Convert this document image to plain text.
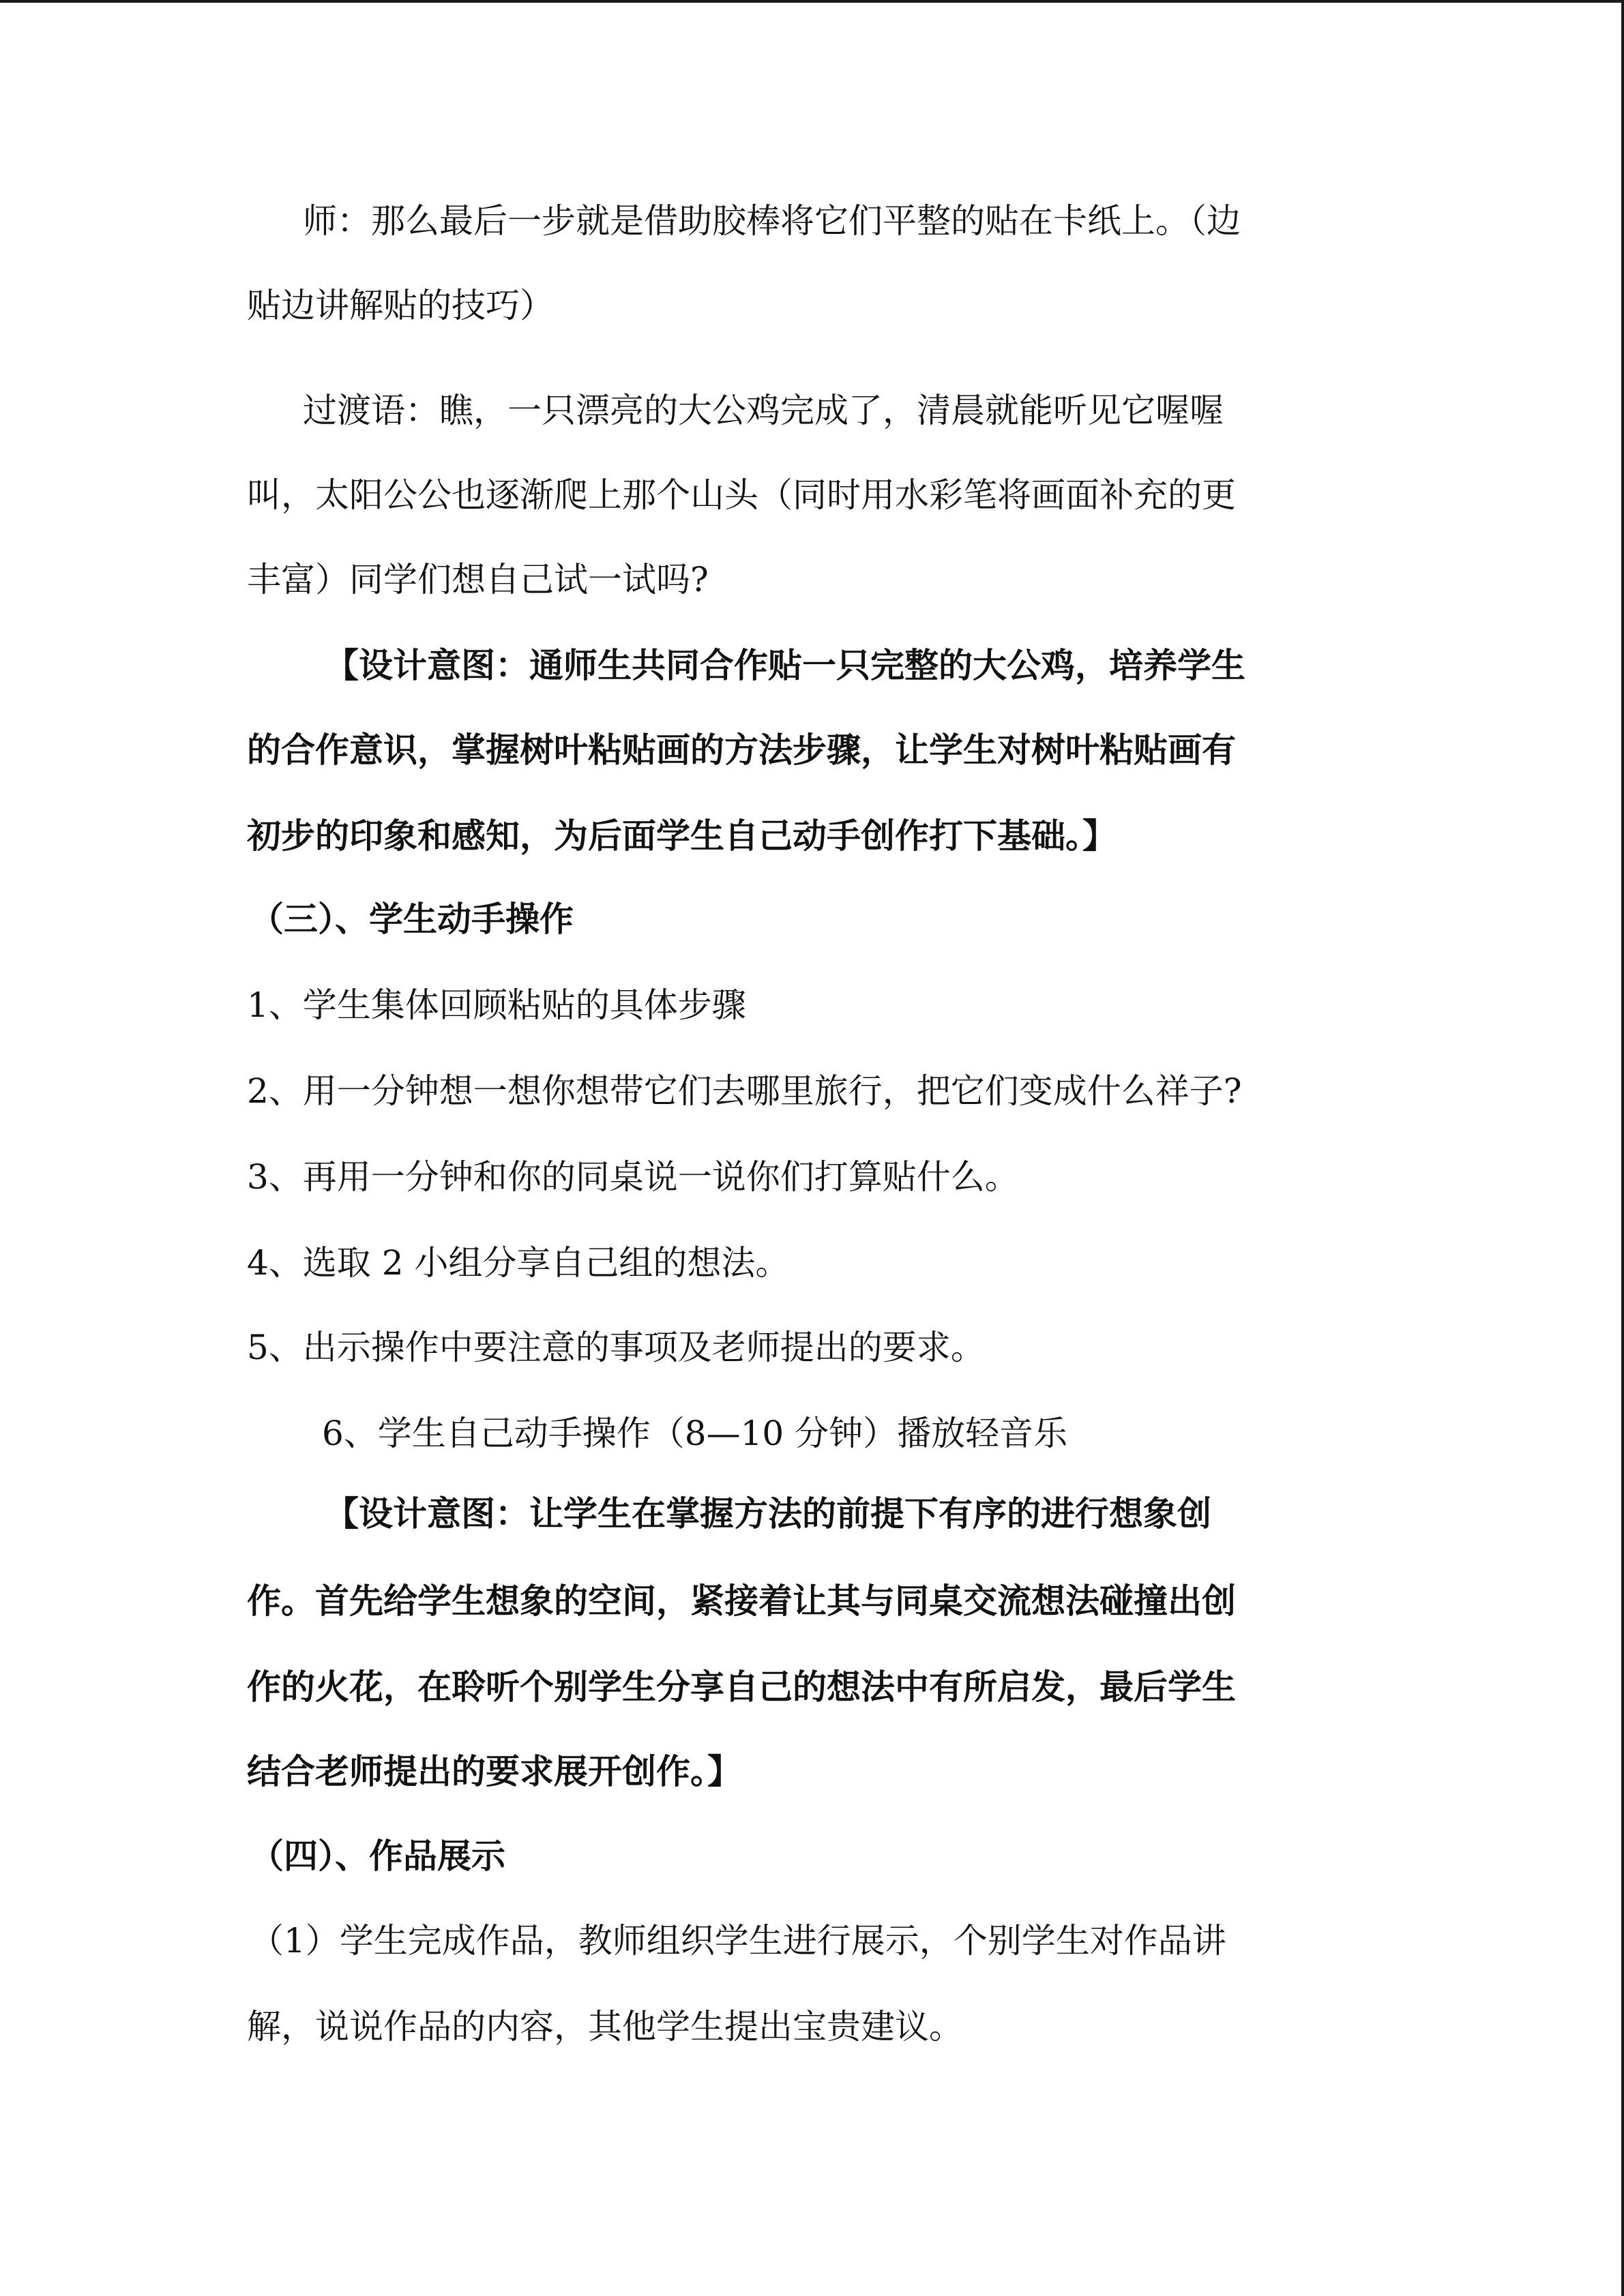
师：那么最后一步就是借助胶棒将它们平整的贴在卡纸上。（边

贴边讲解贴的技巧）

过渡语：瞧，一只漂亮的大公鸡完成了，清晨就能听见它喔喔

叫，太阳公公也逐渐爬上那个山头（同时用水彩笔将画面补充的更

丰富）同学们想自己试一试吗?

【设计意图：通师生共同合作贴一只完整的大公鸡，培养学生

的合作意识，掌握树叶粘贴画的方法步骤，让学生对树叶粘贴画有

初步的印象和感知，为后面学生自己动手创作打下基础。】

（三）、学生动手操作

1、学生集体回顾粘贴的具体步骤

2、用一分钟想一想你想带它们去哪里旅行，把它们变成什么祥子?

3、再用一分钟和你的同桌说一说你们打算贴什么。

4、选取 2 小组分享自己组的想法。

5、出示操作中要注意的事项及老师提出的要求。

6、学生自己动手操作（8—10 分钟）播放轻音乐

【设计意图：让学生在掌握方法的前提下有序的进行想象创

作。首先给学生想象的空间，紧接着让其与同桌交流想法碰撞出创

作的火花，在聆听个别学生分享自己的想法中有所启发，最后学生

结合老师提出的要求展开创作。】

（四）、作品展示

（1）学生完成作品，教师组织学生进行展示，个别学生对作品讲

解，说说作品的内容，其他学生提出宝贵建议。
